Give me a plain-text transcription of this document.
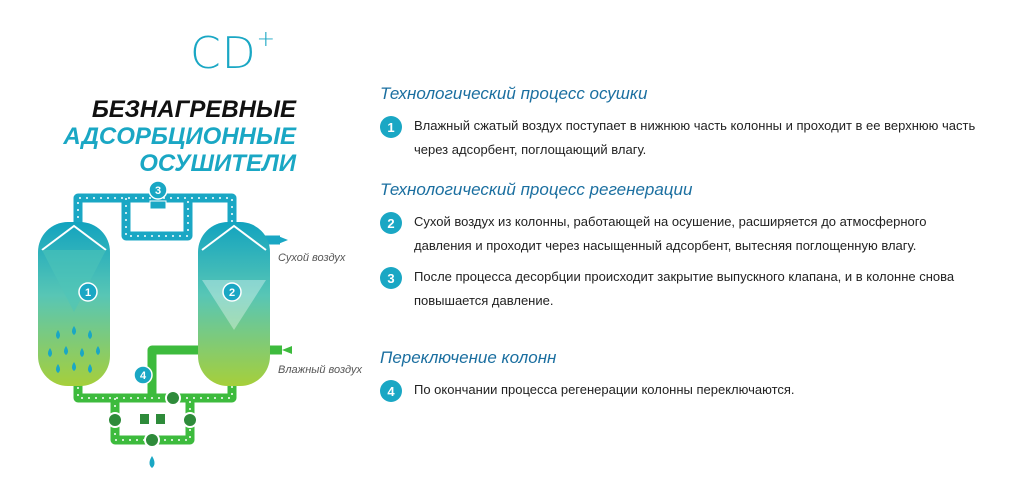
CD+
БЕЗНАГРЕВНЫЕ
АДСОРБЦИОННЫЕ
ОСУШИТЕЛИ
1	2
3
4
Сухой воздух
Влажный воздух
Технологический процесс осушки
1	Влажный сжатый воздух поступает в нижнюю часть колонны и проходит в ее верхнюю часть через адсорбент, поглощающий влагу.
Технологический процесс регенерации
2	Сухой воздух из колонны, работающей на осушение, расширяется до атмосферного давления и проходит через насыщенный адсорбент, вытесняя поглощенную влагу.
3	После процесса десорбции происходит закрытие выпускного клапана, и в колонне снова повышается давление.
Переключение колонн
4	По окончании процесса регенерации колонны переключаются.
